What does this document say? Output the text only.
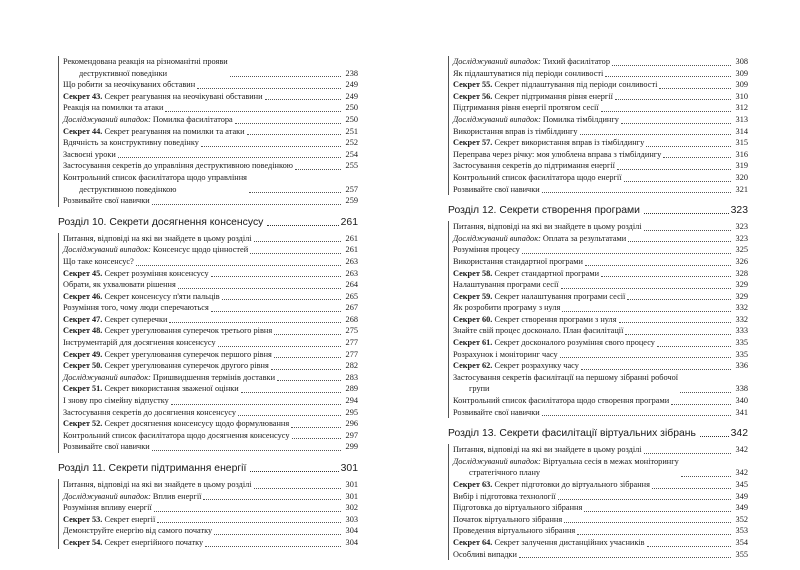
Рекомендована реакція на різноманітні прояви
деструктивної поведінки	238
Що робити за неочікуваних обставин	249
Секрет 43. Секрет реагування на неочікувані обставини	249
Реакція на помилки та атаки	250
Досліджуваний випадок: Помилка фасилітатора	250
Секрет 44. Секрет реагування на помилки та атаки	251
Вдячність за конструктивну поведінку	252
Засвоєні уроки	254
Застосування секретів до управління деструктивною поведінкою	255
Контрольний список фасилітатора щодо управління
деструктивною поведінкою	257
Розвивайте свої навички	259
Розділ 10. Секрети досягнення консенсусу	261
Питання, відповіді на які ви знайдете в цьому розділі	261
Досліджуваний випадок: Консенсус щодо цінностей	261
Що таке консенсус?	263
Секрет 45. Секрет розуміння консенсусу	263
Обрати, як ухвалювати рішення	264
Секрет 46. Секрет консенсусу п'яти пальців	265
Розуміння того, чому люди сперечаються	267
Секрет 47. Секрет суперечки	268
Секрет 48. Секрет урегулювання суперечок третього рівня	275
Інструментарій для досягнення консенсусу	277
Секрет 49. Секрет урегулювання суперечок першого рівня	277
Секрет 50. Секрет урегулювання суперечок другого рівня	282
Досліджуваний випадок: Пришвидшення термінів доставки	283
Секрет 51. Секрет використання зваженої оцінки	289
І знову про сімейну відпустку	294
Застосування секретів до досягнення консенсусу	295
Секрет 52. Секрет досягнення консенсусу щодо формулювання	296
Контрольний список фасилітатора щодо досягнення консенсусу	297
Розвивайте свої навички	299
Розділ 11. Секрети підтримання енергії	301
Питання, відповіді на які ви знайдете в цьому розділі	301
Досліджуваний випадок: Вплив енергії	301
Розуміння впливу енергії	302
Секрет 53. Секрет енергії	303
Демонструйте енергію від самого початку	304
Секрет 54. Секрет енергійного початку	304
Досліджуваний випадок: Тихий фасилітатор	308
Як підлаштуватися під періоди сонливості	309
Секрет 55. Секрет підлаштування під періоди сонливості	309
Секрет 56. Секрет підтримання рівня енергії	310
Підтримання рівня енергії протягом сесії	312
Досліджуваний випадок: Помилка тімбілдингу	313
Використання вправ із тімбілдингу	314
Секрет 57. Секрет використання вправ із тімбілдингу	315
Переправа через річку: моя улюблена вправа з тімбілдингу	316
Застосування секретів до підтримання енергії	319
Контрольний список фасилітатора щодо енергії	320
Розвивайте свої навички	321
Розділ 12. Секрети створення програми	323
Питання, відповіді на які ви знайдете в цьому розділі	323
Досліджуваний випадок: Оплата за результатами	323
Розуміння процесу	325
Використання стандартної програми	326
Секрет 58. Секрет стандартної програми	328
Налаштування програми сесії	329
Секрет 59. Секрет налаштування програми сесії	329
Як розробити програму з нуля	332
Секрет 60. Секрет створення програми з нуля	332
Знайте свій процес досконало. План фасилітації	333
Секрет 61. Секрет досконалого розуміння свого процесу	335
Розрахунок і моніторинг часу	335
Секрет 62. Секрет розрахунку часу	336
Застосування секретів фасилітації на першому зібранні робочої
групи	338
Контрольний список фасилітатора щодо створення програми	340
Розвивайте свої навички	341
Розділ 13. Секрети фасилітації віртуальних зібрань	342
Питання, відповіді на які ви знайдете в цьому розділі	342
Досліджуваний випадок: Віртуальна сесія в межах моніторингу
стратегічного плану	342
Секрет 63. Секрет підготовки до віртуального зібрання	345
Вибір і підготовка технології	349
Підготовка до віртуального зібрання	349
Початок віртуального зібрання	352
Проведення віртуального зібрання	353
Секрет 64. Секрет залучення дистанційних учасників	354
Особливі випадки	355
